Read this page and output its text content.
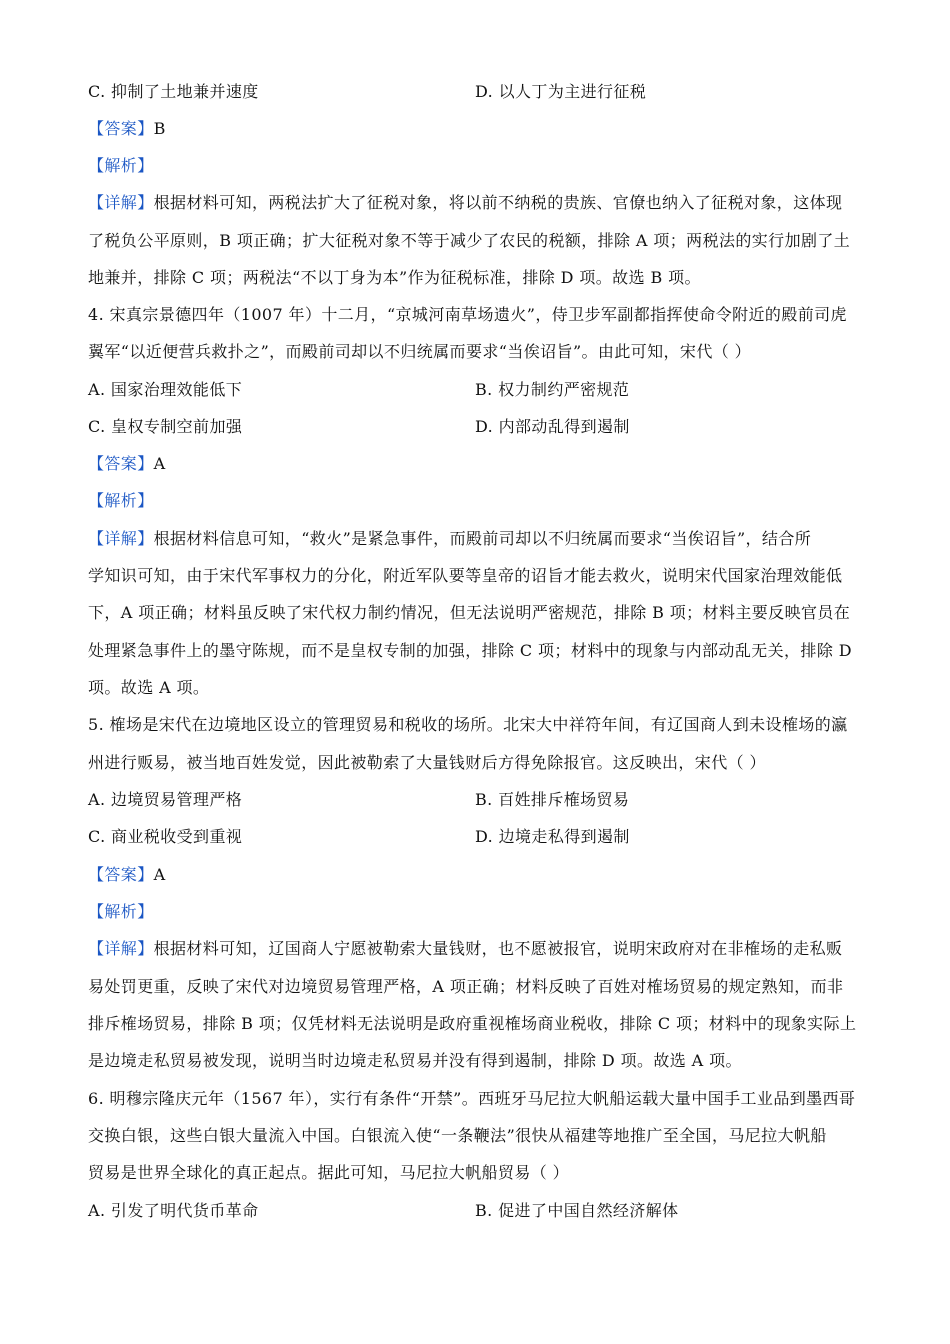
C. 抑制了土地兼并速度	D. 以人丁为主进行征税
【答案】B
【解析】
【详解】根据材料可知，两税法扩大了征税对象，将以前不纳税的贵族、官僚也纳入了征税对象，这体现
了税负公平原则，B 项正确；扩大征税对象不等于减少了农民的税额，排除 A 项；两税法的实行加剧了土
地兼并，排除 C 项；两税法“不以丁身为本”作为征税标准，排除 D 项。故选 B 项。
4. 宋真宗景德四年（1007 年）十二月，“京城河南草场遗火”，侍卫步军副都指挥使命令附近的殿前司虎
翼军“以近便营兵救扑之”，而殿前司却以不归统属而要求“当俟诏旨”。由此可知，宋代（ ）
A. 国家治理效能低下	B. 权力制约严密规范
C. 皇权专制空前加强	D. 内部动乱得到遏制
【答案】A
【解析】
【详解】根据材料信息可知，“救火”是紧急事件，而殿前司却以不归统属而要求“当俟诏旨”，结合所
学知识可知，由于宋代军事权力的分化，附近军队要等皇帝的诏旨才能去救火，说明宋代国家治理效能低
下，A 项正确；材料虽反映了宋代权力制约情况，但无法说明严密规范，排除 B 项；材料主要反映官员在
处理紧急事件上的墨守陈规，而不是皇权专制的加强，排除 C 项；材料中的现象与内部动乱无关，排除 D
项。故选 A 项。
5. 榷场是宋代在边境地区设立的管理贸易和税收的场所。北宋大中祥符年间，有辽国商人到未设榷场的瀛
州进行贩易，被当地百姓发觉，因此被勒索了大量钱财后方得免除报官。这反映出，宋代（ ）
A. 边境贸易管理严格	B. 百姓排斥榷场贸易
C. 商业税收受到重视	D. 边境走私得到遏制
【答案】A
【解析】
【详解】根据材料可知，辽国商人宁愿被勒索大量钱财，也不愿被报官，说明宋政府对在非榷场的走私贩
易处罚更重，反映了宋代对边境贸易管理严格，A 项正确；材料反映了百姓对榷场贸易的规定熟知，而非
排斥榷场贸易，排除 B 项；仅凭材料无法说明是政府重视榷场商业税收，排除 C 项；材料中的现象实际上
是边境走私贸易被发现，说明当时边境走私贸易并没有得到遏制，排除 D 项。故选 A 项。
6. 明穆宗隆庆元年（1567 年），实行有条件“开禁”。西班牙马尼拉大帆船运载大量中国手工业品到墨西哥
交换白银，这些白银大量流入中国。白银流入使“一条鞭法”很快从福建等地推广至全国，马尼拉大帆船
贸易是世界全球化的真正起点。据此可知，马尼拉大帆船贸易（ ）
A. 引发了明代货币革命	B. 促进了中国自然经济解体
